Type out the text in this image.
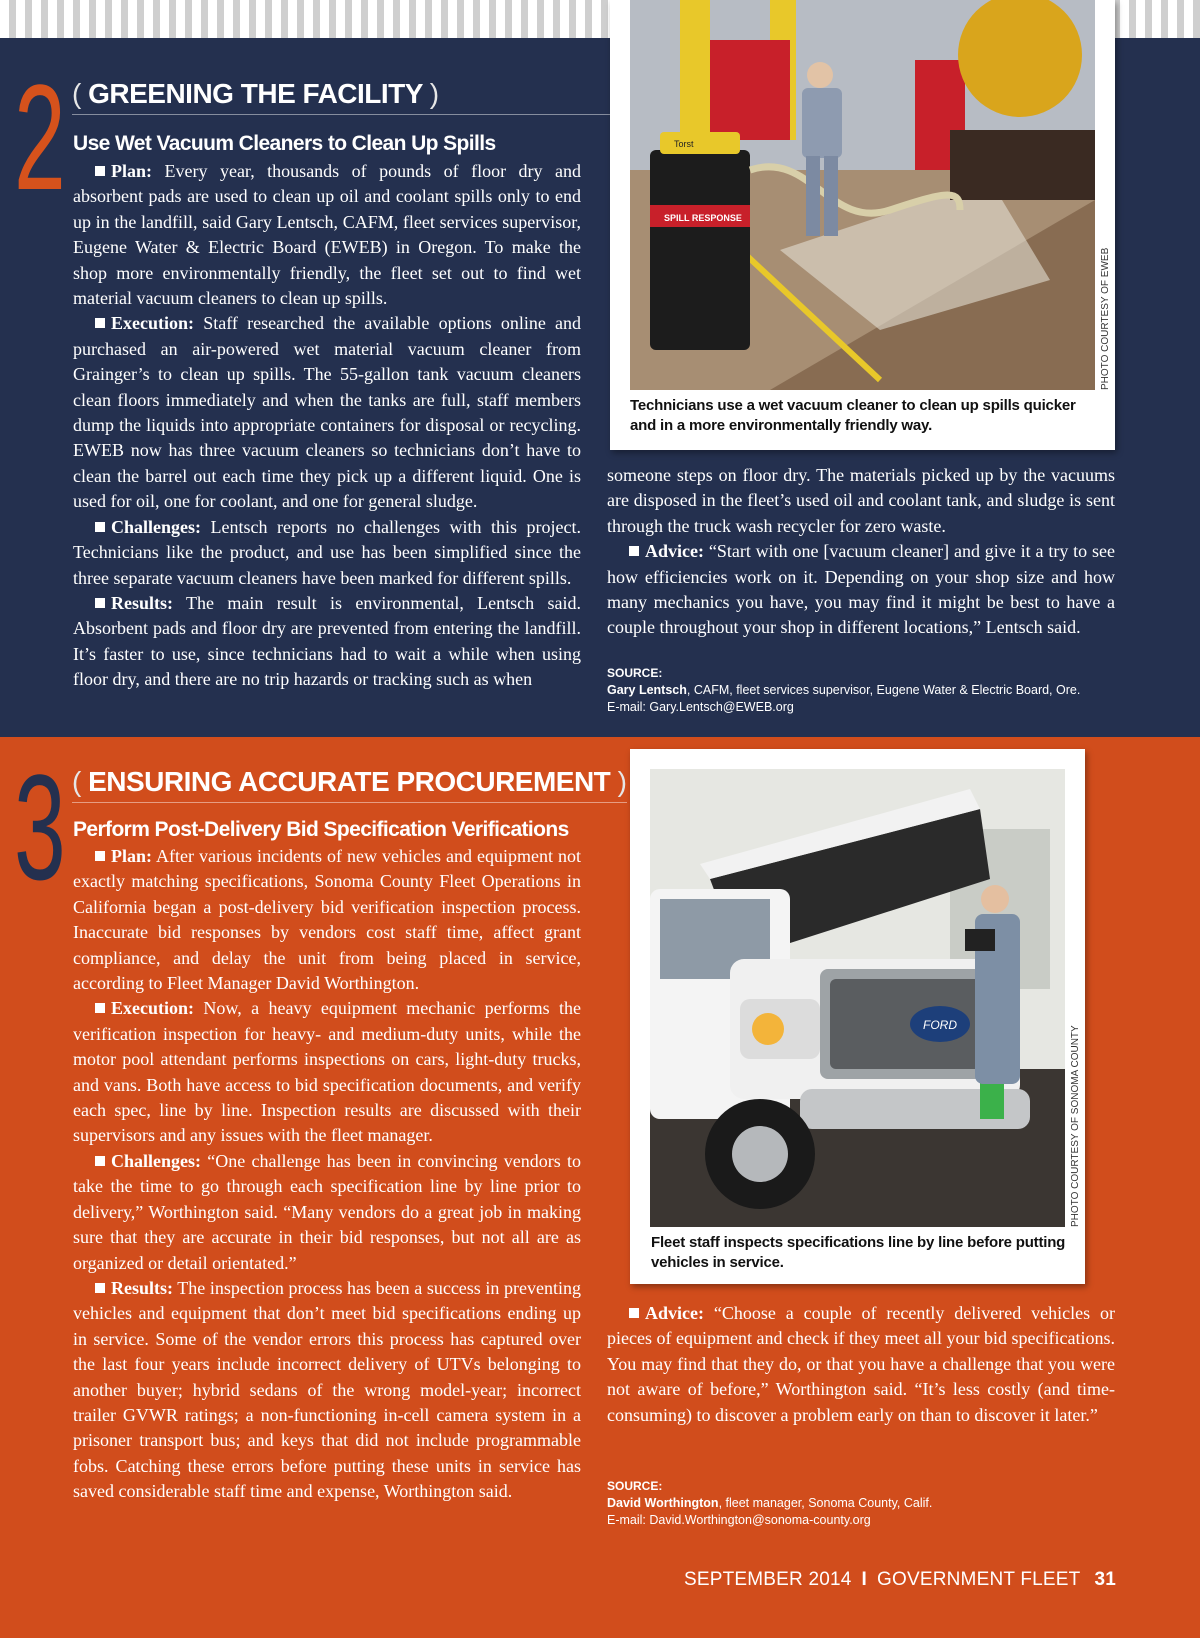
2 ( GREENING THE FACILITY )
Use Wet Vacuum Cleaners to Clean Up Spills

Plan: Every year, thousands of pounds of floor dry and absorbent pads are used to clean up oil and coolant spills only to end up in the landfill, said Gary Lentsch, CAFM, fleet services supervisor, Eugene Water & Electric Board (EWEB) in Oregon. To make the shop more environmentally friendly, the fleet set out to find wet material vacuum cleaners to clean up spills.

Execution: Staff researched the available options online and purchased an air-powered wet material vacuum cleaner from Grainger’s to clean up spills. The 55-gallon tank vacuum cleaners clean floors immediately and when the tanks are full, staff members dump the liquids into appropriate containers for disposal or recycling. EWEB now has three vacuum cleaners so technicians don’t have to clean the barrel out each time they pick up a different liquid. One is used for oil, one for coolant, and one for general sludge.

Challenges: Lentsch reports no challenges with this project. Technicians like the product, and use has been simplified since the three separate vacuum cleaners have been marked for different spills.

Results: The main result is environmental, Lentsch said. Absorbent pads and floor dry are prevented from entering the landfill. It’s faster to use, since technicians had to wait a while when using floor dry, and there are no trip hazards or tracking such as when

someone steps on floor dry. The materials picked up by the vacuums are disposed in the fleet’s used oil and coolant tank, and sludge is sent through the truck wash recycler for zero waste.

Advice: “Start with one [vacuum cleaner] and give it a try to see how efficiencies work on it. Depending on your shop size and how many mechanics you have, you may find it might be best to have a couple throughout your shop in different locations,” Lentsch said.

SOURCE:
Gary Lentsch, CAFM, fleet services supervisor, Eugene Water & Electric Board, Ore.
E-mail: Gary.Lentsch@EWEB.org
SPILL RESPONSE
Torst
Technicians use a wet vacuum cleaner to clean up spills quicker and in a more environmentally friendly way.
PHOTO COURTESY OF EWEB
3 ( ENSURING ACCURATE PROCUREMENT )
Perform Post-Delivery Bid Specification Verifications

Plan: After various incidents of new vehicles and equipment not exactly matching specifications, Sonoma County Fleet Operations in California began a post-delivery bid verification inspection process. Inaccurate bid responses by vendors cost staff time, affect grant compliance, and delay the unit from being placed in service, according to Fleet Manager David Worthington.

Execution: Now, a heavy equipment mechanic performs the verification inspection for heavy- and medium-duty units, while the motor pool attendant performs inspections on cars, light-duty trucks, and vans. Both have access to bid specification documents, and verify each spec, line by line. Inspection results are discussed with their supervisors and any issues with the fleet manager.

Challenges: “One challenge has been in convincing vendors to take the time to go through each specification line by line prior to delivery,” Worthington said. “Many vendors do a great job in making sure that they are accurate in their bid responses, but not all are as organized or detail orientated.”

Results: The inspection process has been a success in preventing vehicles and equipment that don’t meet bid specifications ending up in service. Some of the vendor errors this process has captured over the last four years include incorrect delivery of UTVs belonging to another buyer; hybrid sedans of the wrong model-year; incorrect trailer GVWR ratings; a non-functioning in-cell camera system in a prisoner transport bus; and keys that did not include programmable fobs. Catching these errors before putting these units in service has saved considerable staff time and expense, Worthington said.

Advice: “Choose a couple of recently delivered vehicles or pieces of equipment and check if they meet all your bid specifications. You may find that they do, or that you have a challenge that you were not aware of before,” Worthington said. “It’s less costly (and time-consuming) to discover a problem early on than to discover it later.”

SOURCE:
David Worthington, fleet manager, Sonoma County, Calif.
E-mail: David.Worthington@sonoma-county.org
FORD
Fleet staff inspects specifications line by line before putting vehicles in service.
PHOTO COURTESY OF SONOMA COUNTY
SEPTEMBER 2014 I GOVERNMENT FLEET 31
